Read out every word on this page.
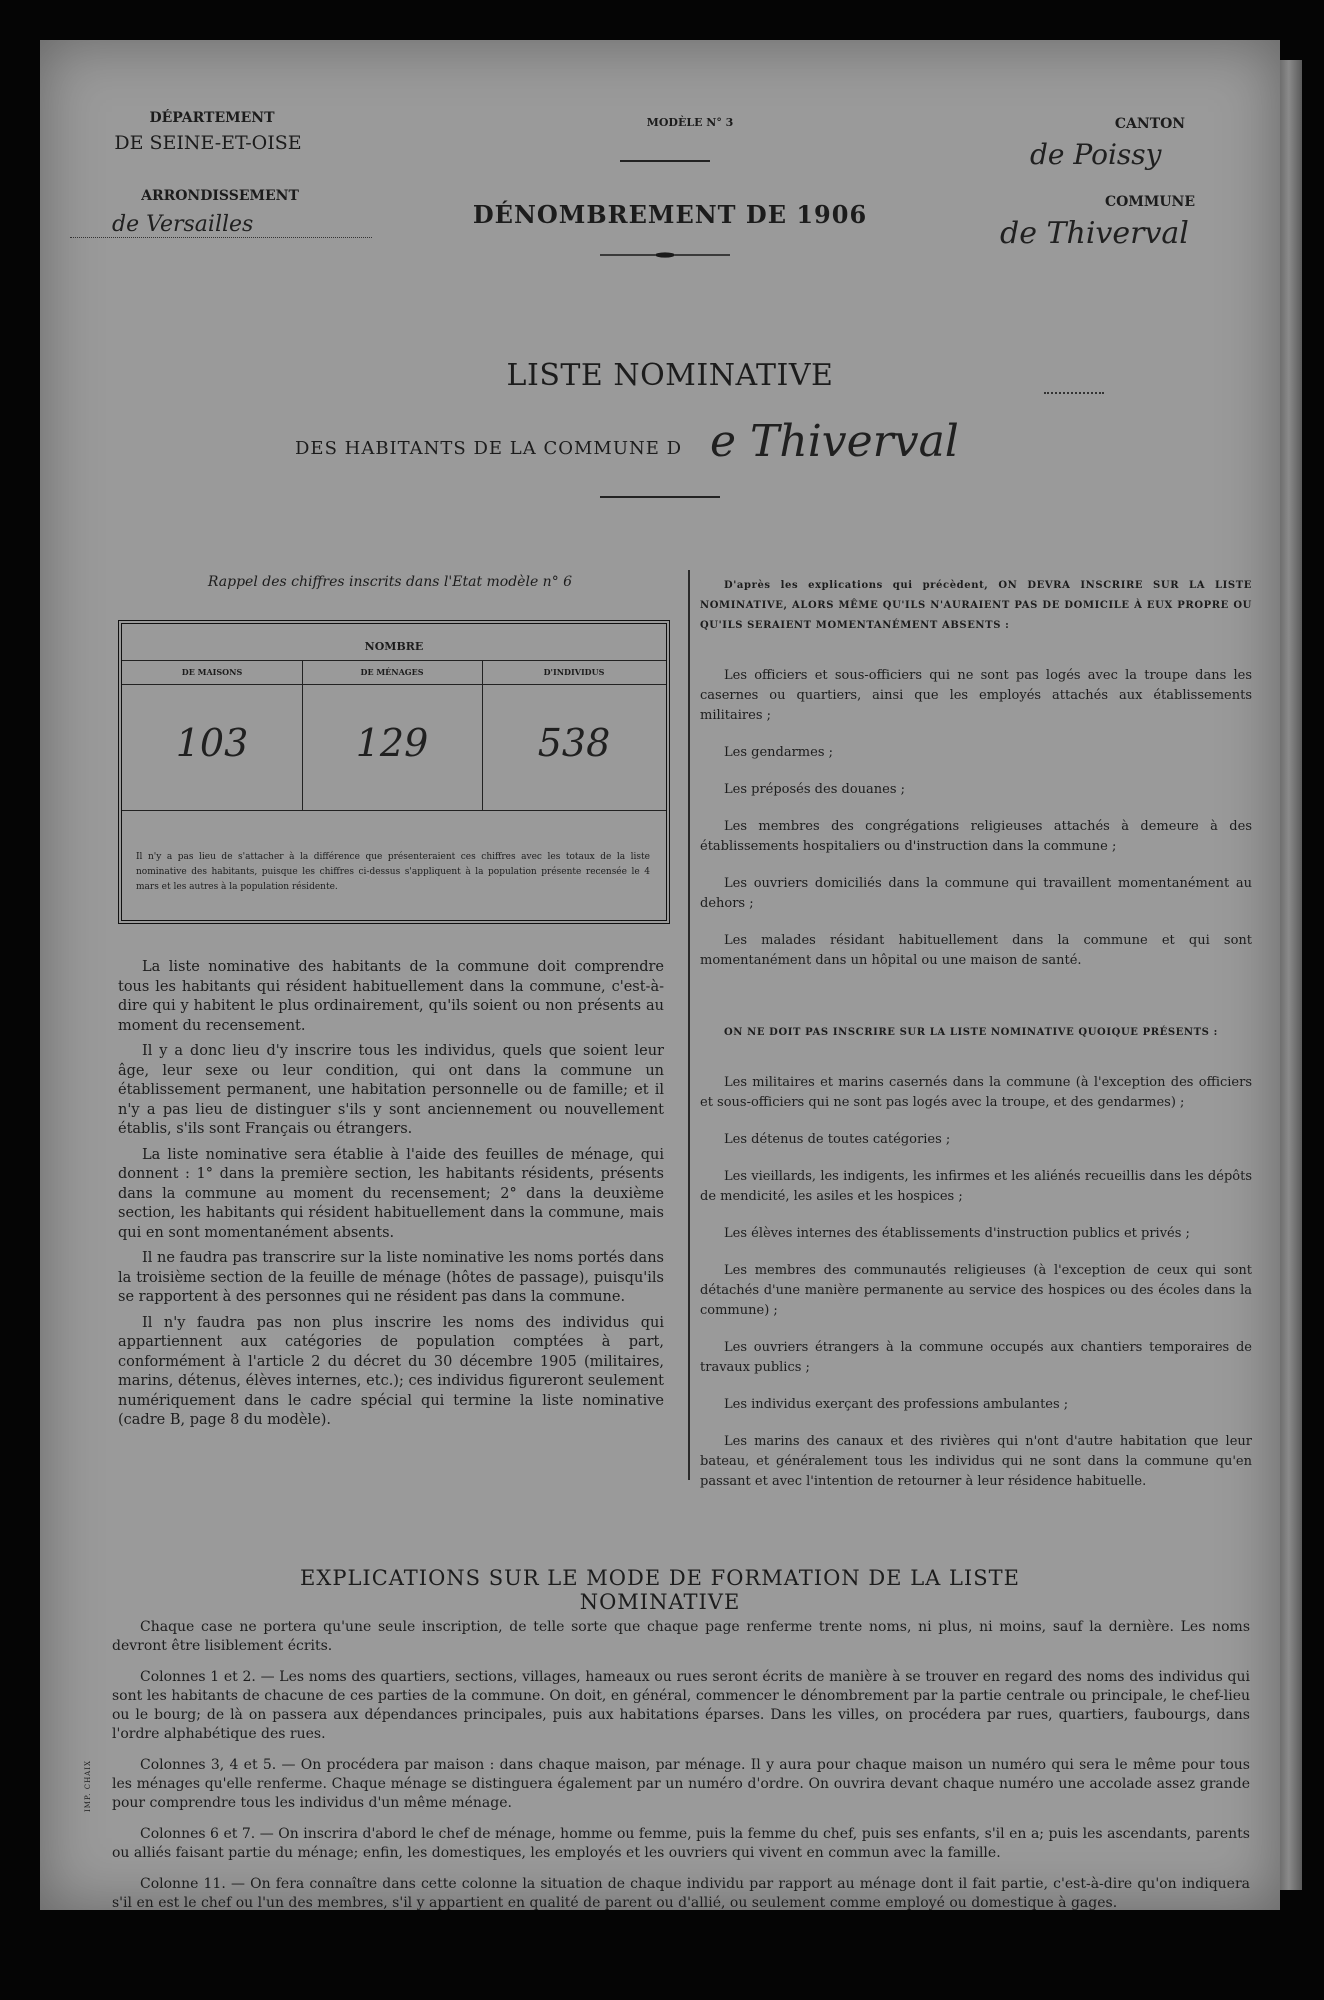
DÉPARTEMENT
DE SEINE-ET-OISE
ARRONDISSEMENT
de Versailles
MODÈLE N° 3
DÉNOMBREMENT DE 1906
CANTON
de Poissy
COMMUNE
de Thiverval
LISTE NOMINATIVE
DES HABITANTS DE LA COMMUNE D e Thiverval
Rappel des chiffres inscrits dans l'Etat modèle n° 6
NOMBRE
DE MAISONS
103
DE MÉNAGES
129
D'INDIVIDUS
538
Il n'y a pas lieu de s'attacher à la différence que présenteraient ces chiffres avec les totaux de la liste nominative des habitants, puisque les chiffres ci-dessus s'appliquent à la population présente recensée le 4 mars et les autres à la population résidente.

La liste nominative des habitants de la commune doit comprendre tous les habitants qui résident habituellement dans la commune, c'est-à-dire qui y habitent le plus ordinairement, qu'ils soient ou non présents au moment du recensement.

Il y a donc lieu d'y inscrire tous les individus, quels que soient leur âge, leur sexe ou leur condition, qui ont dans la commune un établissement permanent, une habitation personnelle ou de famille; et il n'y a pas lieu de distinguer s'ils y sont anciennement ou nouvellement établis, s'ils sont Français ou étrangers.

La liste nominative sera établie à l'aide des feuilles de ménage, qui donnent : 1° dans la première section, les habitants résidents, présents dans la commune au moment du recensement; 2° dans la deuxième section, les habitants qui résident habituellement dans la commune, mais qui en sont momentanément absents.

Il ne faudra pas transcrire sur la liste nominative les noms portés dans la troisième section de la feuille de ménage (hôtes de passage), puisqu'ils se rapportent à des personnes qui ne résident pas dans la commune.

Il n'y faudra pas non plus inscrire les noms des individus qui appartiennent aux catégories de population comptées à part, conformément à l'article 2 du décret du 30 décembre 1905 (militaires, marins, détenus, élèves internes, etc.); ces individus figureront seulement numériquement dans le cadre spécial qui termine la liste nominative (cadre B, page 8 du modèle).

D'après les explications qui précèdent, ON DEVRA INSCRIRE SUR LA LISTE NOMINATIVE, ALORS MÊME QU'ILS N'AURAIENT PAS DE DOMICILE À EUX PROPRE OU QU'ILS SERAIENT MOMENTANÉMENT ABSENTS :

Les officiers et sous-officiers qui ne sont pas logés avec la troupe dans les casernes ou quartiers, ainsi que les employés attachés aux établissements militaires ;

Les gendarmes ;

Les préposés des douanes ;

Les membres des congrégations religieuses attachés à demeure à des établissements hospitaliers ou d'instruction dans la commune ;

Les ouvriers domiciliés dans la commune qui travaillent momentanément au dehors ;

Les malades résidant habituellement dans la commune et qui sont momentanément dans un hôpital ou une maison de santé.

ON NE DOIT PAS INSCRIRE SUR LA LISTE NOMINATIVE QUOIQUE PRÉSENTS :

Les militaires et marins casernés dans la commune (à l'exception des officiers et sous-officiers qui ne sont pas logés avec la troupe, et des gendarmes) ;

Les détenus de toutes catégories ;

Les vieillards, les indigents, les infirmes et les aliénés recueillis dans les dépôts de mendicité, les asiles et les hospices ;

Les élèves internes des établissements d'instruction publics et privés ;

Les membres des communautés religieuses (à l'exception de ceux qui sont détachés d'une manière permanente au service des hospices ou des écoles dans la commune) ;

Les ouvriers étrangers à la commune occupés aux chantiers temporaires de travaux publics ;

Les individus exerçant des professions ambulantes ;

Les marins des canaux et des rivières qui n'ont d'autre habitation que leur bateau, et généralement tous les individus qui ne sont dans la commune qu'en passant et avec l'intention de retourner à leur résidence habituelle.

EXPLICATIONS SUR LE MODE DE FORMATION DE LA LISTE NOMINATIVE

Chaque case ne portera qu'une seule inscription, de telle sorte que chaque page renferme trente noms, ni plus, ni moins, sauf la dernière. Les noms devront être lisiblement écrits.

Colonnes 1 et 2. — Les noms des quartiers, sections, villages, hameaux ou rues seront écrits de manière à se trouver en regard des noms des individus qui sont les habitants de chacune de ces parties de la commune. On doit, en général, commencer le dénombrement par la partie centrale ou principale, le chef-lieu ou le bourg; de là on passera aux dépendances principales, puis aux habitations éparses. Dans les villes, on procédera par rues, quartiers, faubourgs, dans l'ordre alphabétique des rues.

Colonnes 3, 4 et 5. — On procédera par maison : dans chaque maison, par ménage. Il y aura pour chaque maison un numéro qui sera le même pour tous les ménages qu'elle renferme. Chaque ménage se distinguera également par un numéro d'ordre. On ouvrira devant chaque numéro une accolade assez grande pour comprendre tous les individus d'un même ménage.

Colonnes 6 et 7. — On inscrira d'abord le chef de ménage, homme ou femme, puis la femme du chef, puis ses enfants, s'il en a; puis les ascendants, parents ou alliés faisant partie du ménage; enfin, les domestiques, les employés et les ouvriers qui vivent en commun avec la famille.

Colonne 11. — On fera connaître dans cette colonne la situation de chaque individu par rapport au ménage dont il fait partie, c'est-à-dire qu'on indiquera s'il en est le chef ou l'un des membres, s'il y appartient en qualité de parent ou d'allié, ou seulement comme employé ou domestique à gages.

IMP. CHAIX
